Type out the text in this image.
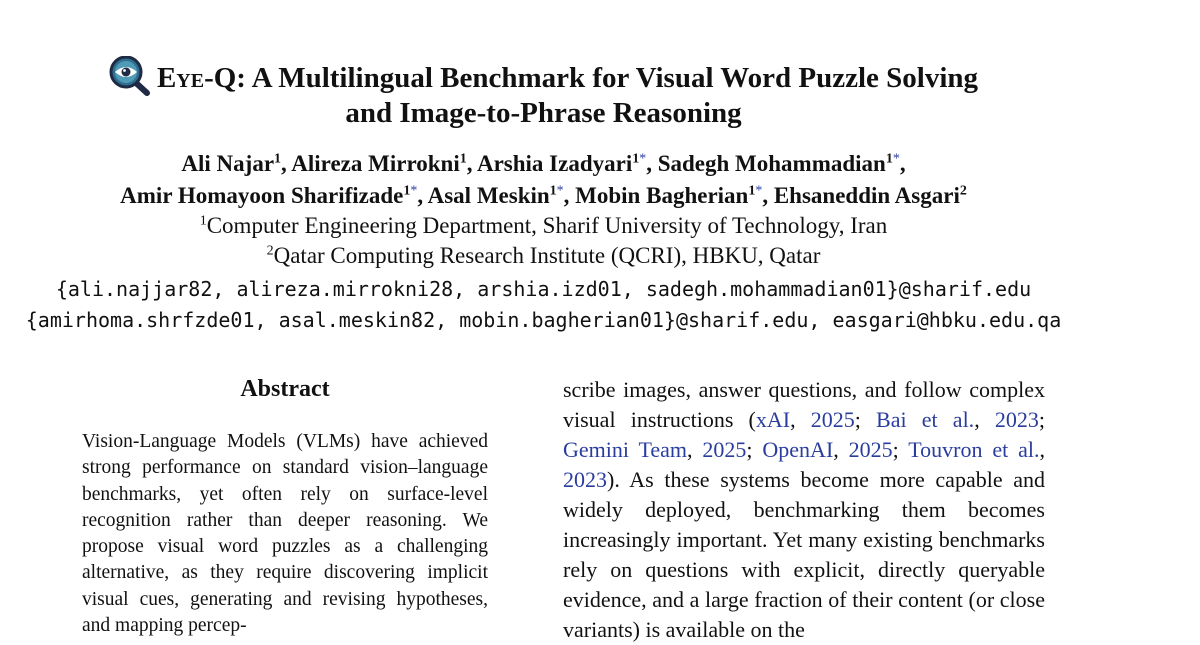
Eye-Q: A Multilingual Benchmark for Visual Word Puzzle Solving
and Image-to-Phrase Reasoning
Ali Najar$^1$, Alireza Mirrokni$^1$, Arshia Izadyari$^{1*}$, Sadegh Mohammadian$^{1*}$,
Amir Homayoon Sharifizade$^{1*}$, Asal Meskin$^{1*}$, Mobin Bagherian$^{1*}$, Ehsaneddin Asgari$^2$
$^1$Computer Engineering Department, Sharif University of Technology, Iran
$^2$Qatar Computing Research Institute (QCRI), HBKU, Qatar
{ali.najjar82, alireza.mirrokni28, arshia.izd01, sadegh.mohammadian01}@sharif.edu
{amirhoma.shrfzde01, asal.meskin82, mobin.bagherian01}@sharif.edu, easgari@hbku.edu.qa
Abstract
Vision-Language Models (VLMs) have achieved strong performance on standard vision–language benchmarks, yet often rely on surface-level recognition rather than deeper reasoning. We propose visual word puzzles as a challenging alternative, as they require discovering implicit visual cues, generating and revising hypotheses, and mapping percep-
scribe images, answer questions, and follow complex visual instructions (xAI, 2025; Bai et al., 2023; Gemini Team, 2025; OpenAI, 2025; Touvron et al., 2023). As these systems become more capable and widely deployed, benchmarking them becomes increasingly important. Yet many existing benchmarks rely on questions with explicit, directly queryable evidence, and a large fraction of their content (or close variants) is available on the
